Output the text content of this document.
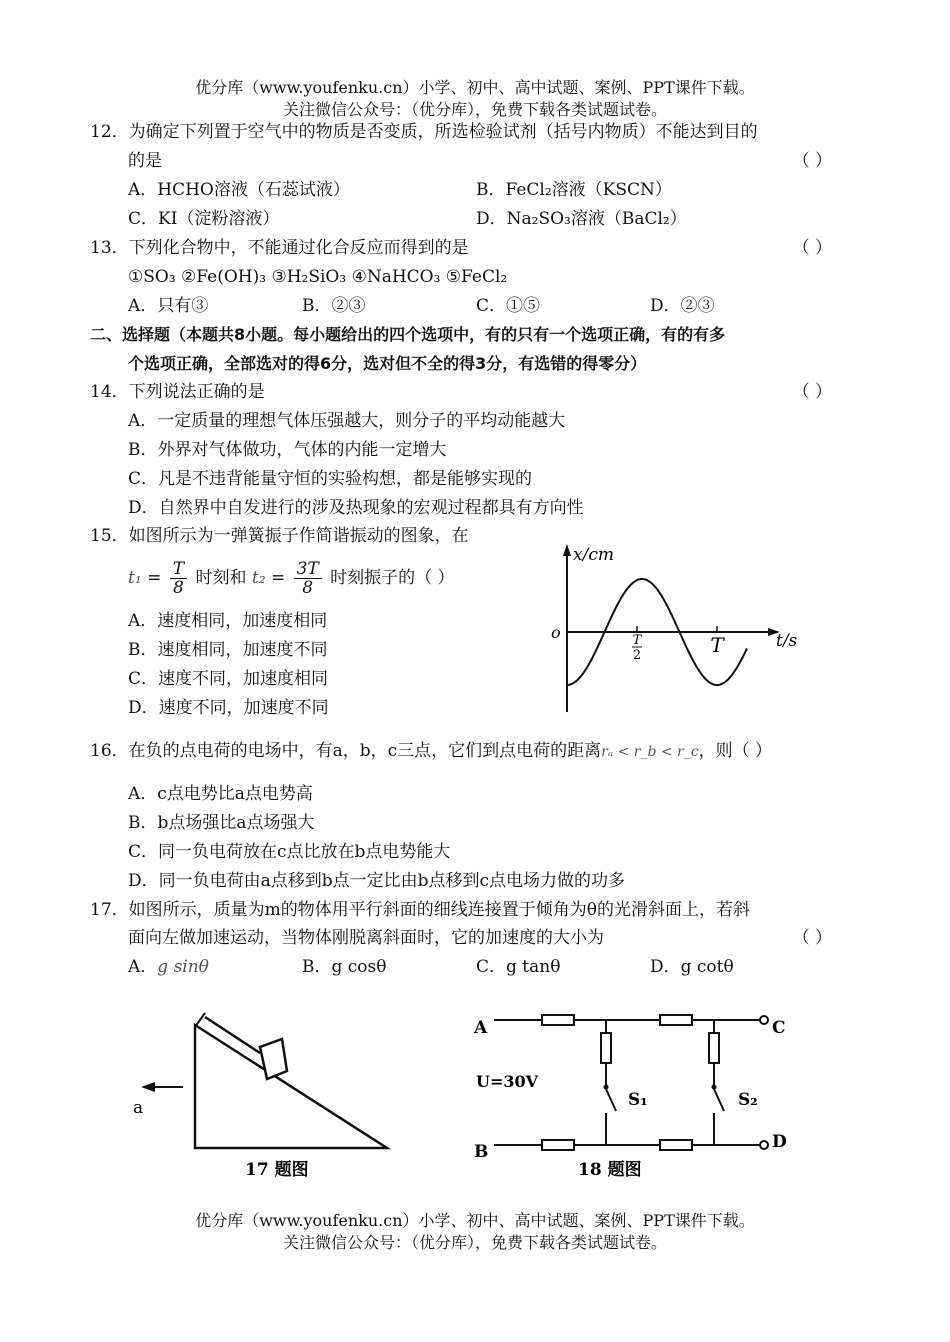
优分库（www.youfenku.cn）小学、初中、高中试题、案例、PPT课件下载。
关注微信公众号：（优分库），免费下载各类试题试卷。
12．为确定下列置于空气中的物质是否变质，所选检验试剂（括号内物质）不能达到目的
的是	（ ）
A．HCHO溶液（石蕊试液）	B．FeCl₂溶液（KSCN）
C．KI（淀粉溶液）	D．Na₂SO₃溶液（BaCl₂）
13．下列化合物中，不能通过化合反应而得到的是	（ ）
①SO₃ ②Fe(OH)₃ ③H₂SiO₃ ④NaHCO₃ ⑤FeCl₂
A．只有③	B．②③	C．①⑤	D．②③
二、选择题（本题共8小题。每小题给出的四个选项中，有的只有一个选项正确，有的有多
个选项正确，全部选对的得6分，选对但不全的得3分，有选错的得零分）
14．下列说法正确的是	（ ）
A．一定质量的理想气体压强越大，则分子的平均动能越大
B．外界对气体做功，气体的内能一定增大
C．凡是不违背能量守恒的实验构想，都是能够实现的
D．自然界中自发进行的涉及热现象的宏观过程都具有方向性
15．如图所示为一弹簧振子作简谐振动的图象，在
$t_1 = \frac{T}{8}$ 时刻和 $t_2 = \frac{3T}{8}$ 时刻振子的（ ）
A．速度相同，加速度相同
B．速度相同，加速度不同
C．速度不同，加速度相同
D．速度不同，加速度不同
x/cm
t/s
o	T
2	T
16．在负的点电荷的电场中，有a，b，c三点，它们到点电荷的距离rₐ < r_b < r_c，则（ ）
A．c点电势比a点电势高
B．b点场强比a点场强大
C．同一负电荷放在c点比放在b点电势能大
D．同一负电荷由a点移到b点一定比由b点移到c点电场力做的功多
17．如图所示，质量为m的物体用平行斜面的细线连接置于倾角为θ的光滑斜面上，若斜
面向左做加速运动，当物体刚脱离斜面时，它的加速度的大小为	（ ）
A．g sinθ	B．g cosθ	C．g tanθ	D．g cotθ
a
17 题图
A
B
C
D
U=30V
S₁	S₂
18 题图
优分库（www.youfenku.cn）小学、初中、高中试题、案例、PPT课件下载。
关注微信公众号：（优分库），免费下载各类试题试卷。
